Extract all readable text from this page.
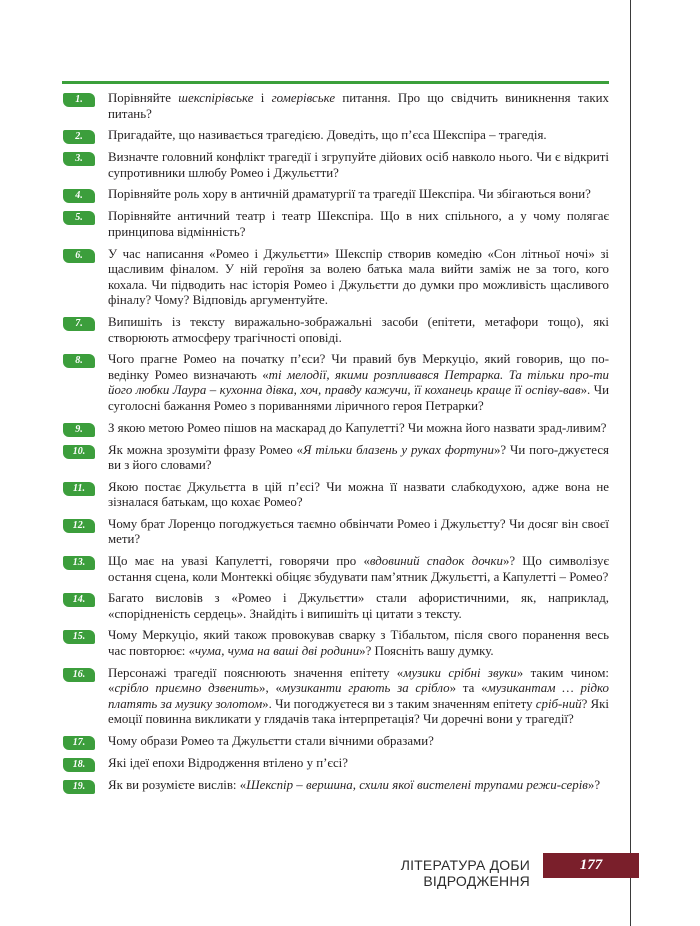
1.	Порівняйте шекспірівське і гомерівське питання. Про що свідчить виникнення таких питань?
2.	Пригадайте, що називається трагедією. Доведіть, що п’єса Шекспіра – трагедія.
3.	Визначте головний конфлікт трагедії і згрупуйте дійових осіб навколо нього. Чи є відкриті супротивники шлюбу Ромео і Джульєтти?
4.	Порівняйте роль хору в античній драматургії та трагедії Шекспіра. Чи збігаються вони?
5.	Порівняйте античний театр і театр Шекспіра. Що в них спільного, а у чому полягає принципова відмінність?
6.	У час написання «Ромео і Джульєтти» Шекспір створив комедію «Сон літньої ночі» зі щасливим фіналом. У ній героїня за волею батька мала вийти заміж не за того, кого кохала. Чи підводить нас історія Ромео і Джульєтти до думки про можливість щасливого фіналу? Чому? Відповідь аргументуйте.
7.	Випишіть із тексту виражально-зображальні засоби (епітети, метафори тощо), які створюють атмосферу трагічності оповіді.
8.	Чого прагне Ромео на початку п’єси? Чи правий був Меркуціо, який говорив, що по-ведінку Ромео визначають «ті мелодії, якими розпливався Петрарка. Та тільки про-ти його любки Лаура – кухонна дівка, хоч, правду кажучи, її коханець краще її оспіву-вав». Чи суголосні бажання Ромео з пориваннями ліричного героя Петрарки?
9.	З якою метою Ромео пішов на маскарад до Капулетті? Чи можна його назвати зрад-ливим?
10.	Як можна зрозуміти фразу Ромео «Я тільки блазень у руках фортуни»? Чи пого-джуєтеся ви з його словами?
11.	Якою постає Джульєтта в цій п’єсі? Чи можна її назвати слабкодухою, адже вона не зізналася батькам, що кохає Ромео?
12.	Чому брат Лоренцо погоджується таємно обвінчати Ромео і Джульєтту? Чи досяг він своєї мети?
13.	Що має на увазі Капулетті, говорячи про «вдовиний спадок дочки»? Що символізує остання сцена, коли Монтеккі обіцяє збудувати пам’ятник Джульєтті, а Капулетті – Ромео?
14.	Багато висловів з «Ромео і Джульєтти» стали афористичними, як, наприклад, «спорідненість сердець». Знайдіть і випишіть ці цитати з тексту.
15.	Чому Меркуціо, який також провокував сварку з Тібальтом, після свого поранення весь час повторює: «чума, чума на ваші дві родини»? Поясніть вашу думку.
16.	Персонажі трагедії пояснюють значення епітету «музики срібні звуки» таким чином: «срібло приємно дзвенить», «музиканти грають за срібло» та «музикантам … рідко платять за музику золотом». Чи погоджуєтеся ви з таким значенням епітету сріб-ний? Які емоції повинна викликати у глядачів така інтерпретація? Чи доречні вони у трагедії?
17.	Чому образи Ромео та Джульєтти стали вічними образами?
18.	Які ідеї епохи Відродження втілено у п’єсі?
19.	Як ви розумієте вислів: «Шекспір – вершина, схили якої вистелені трупами режи-серів»?
ЛІТЕРАТУРА ДОБИ ВІДРОДЖЕННЯ
177
